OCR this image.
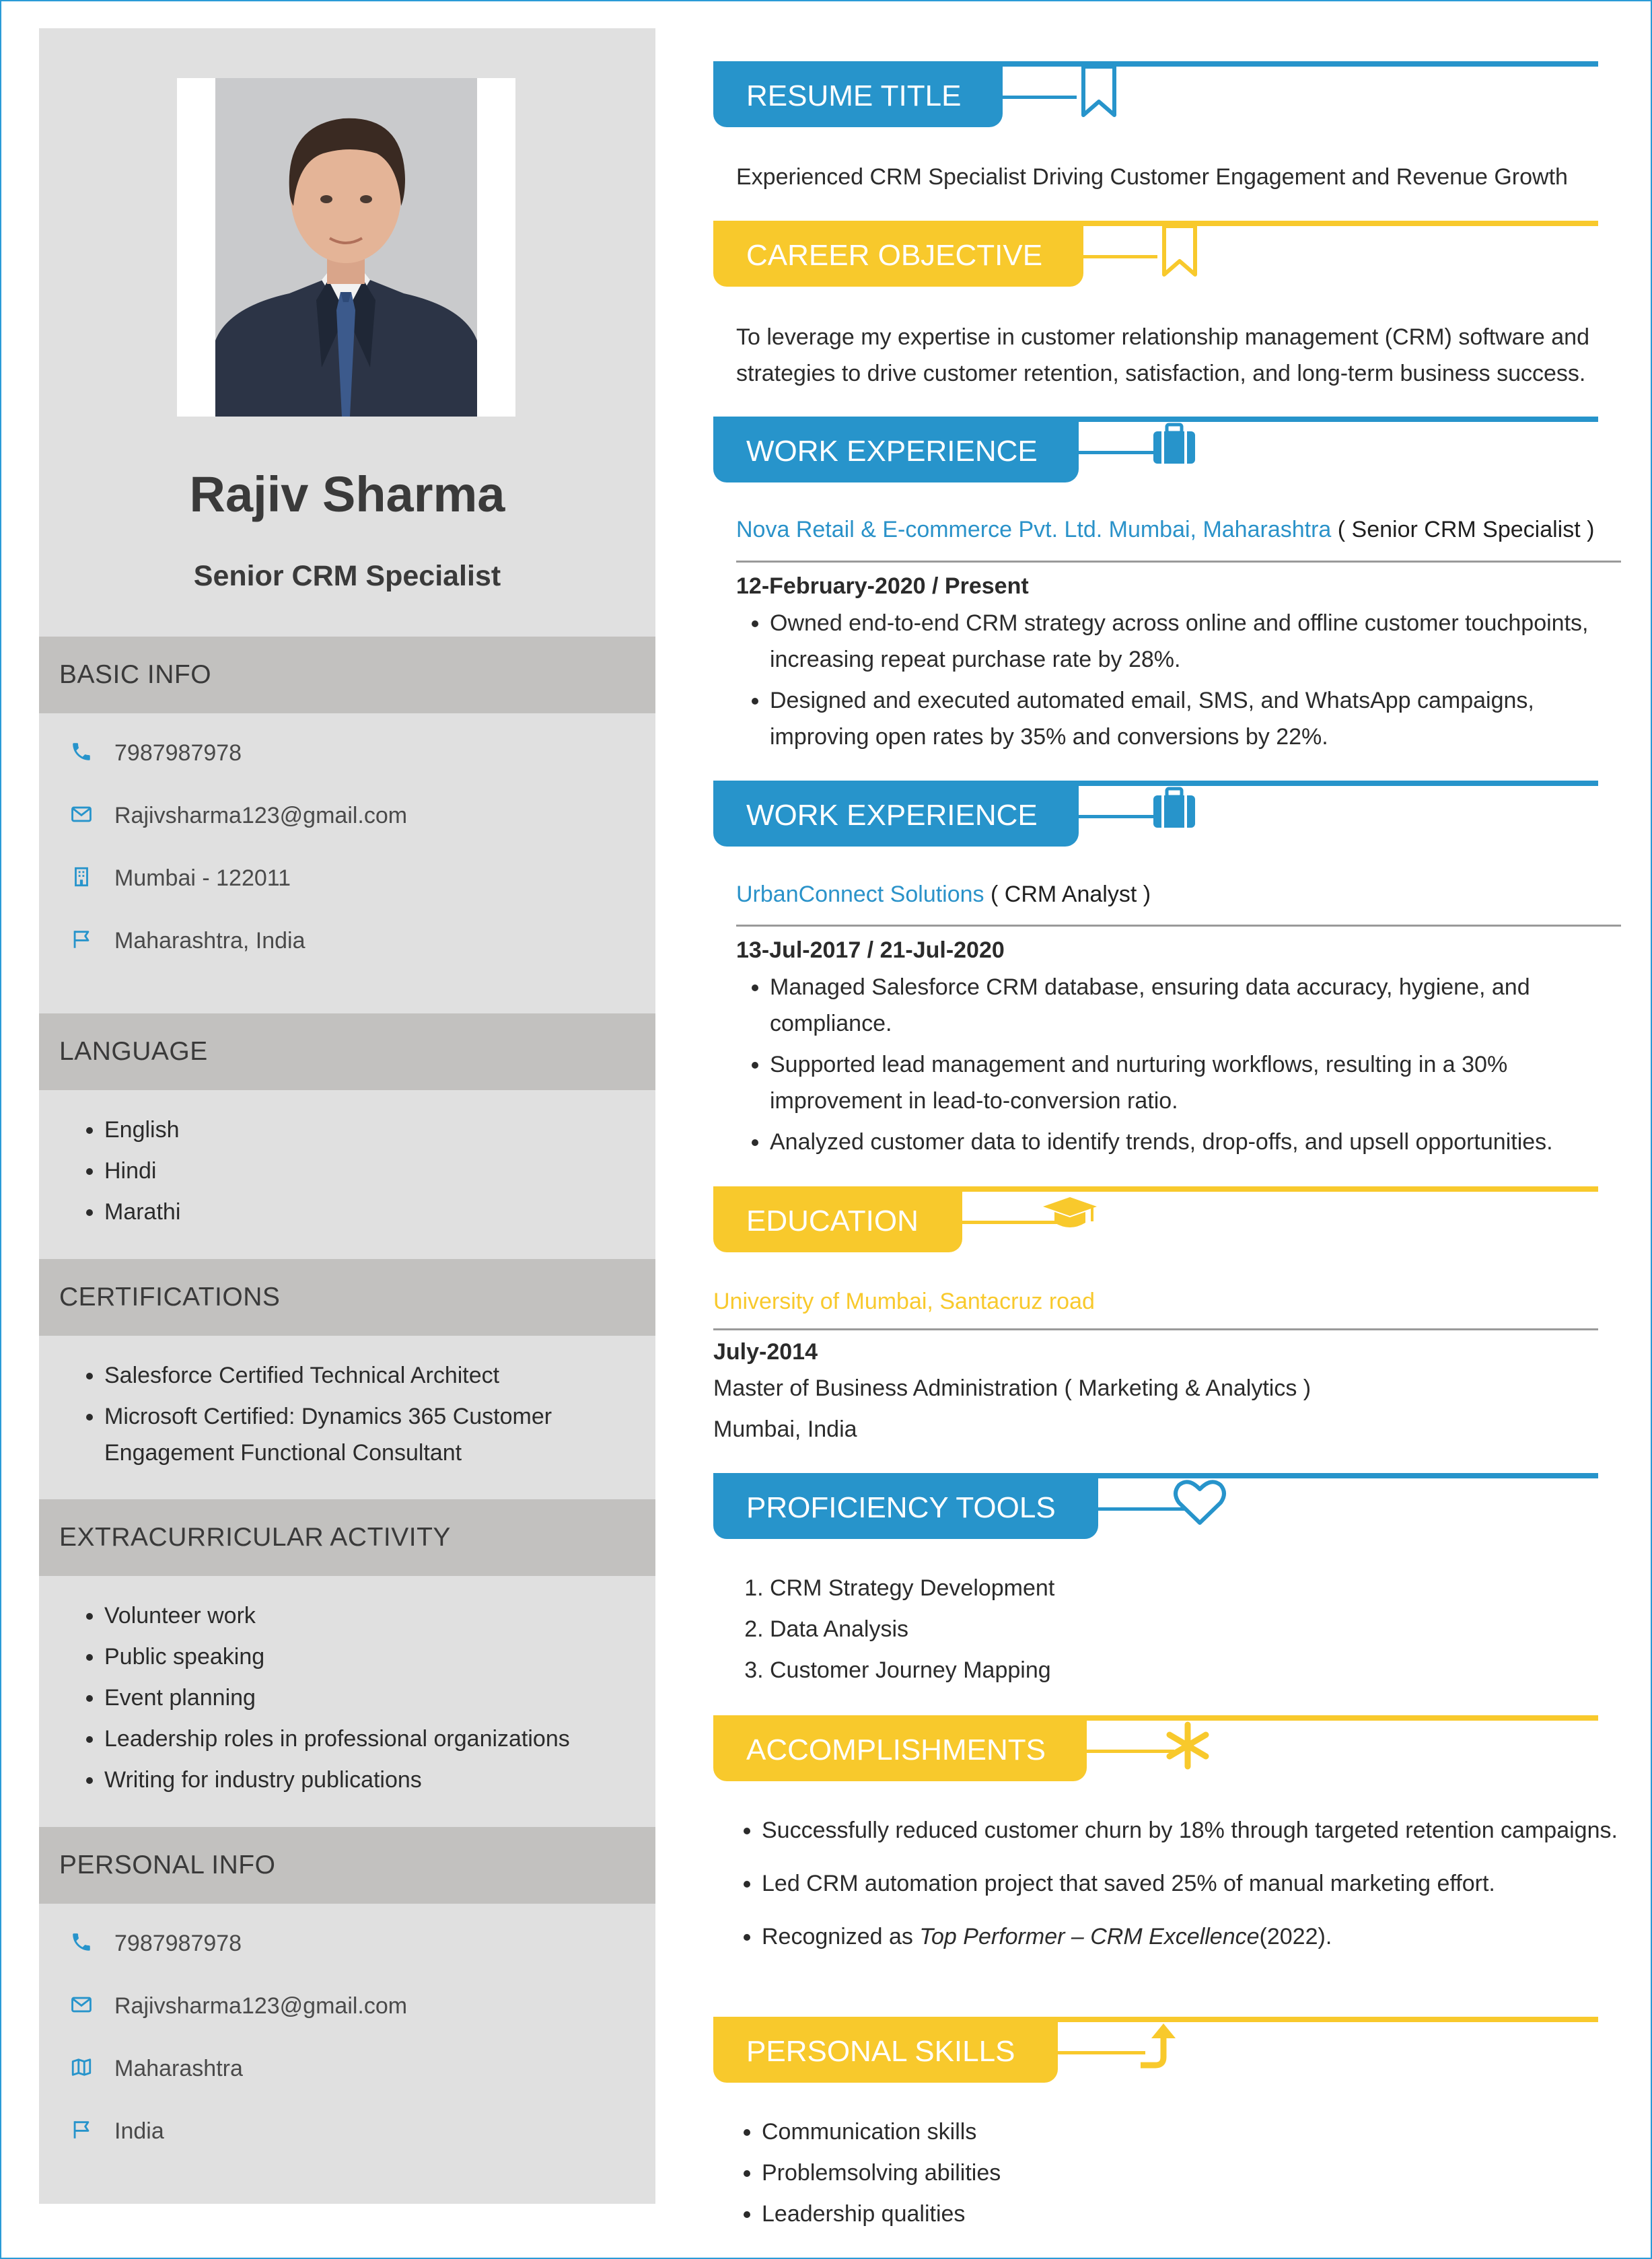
Rajiv Sharma
Senior CRM Specialist
BASIC INFO
7987987978
Rajivsharma123@gmail.com
Mumbai - 122011
Maharashtra, India
LANGUAGE
• English
• Hindi
• Marathi
CERTIFICATIONS
• Salesforce Certified Technical Architect
• Microsoft Certified: Dynamics 365 Customer Engagement Functional Consultant
EXTRACURRICULAR ACTIVITY
• Volunteer work
• Public speaking
• Event planning
• Leadership roles in professional organizations
• Writing for industry publications
PERSONAL INFO
7987987978
Rajivsharma123@gmail.com
Maharashtra
India
RESUME TITLE
Experienced CRM Specialist Driving Customer Engagement and Revenue Growth
CAREER OBJECTIVE
To leverage my expertise in customer relationship management (CRM) software and strategies to drive customer retention, satisfaction, and long-term business success.
WORK EXPERIENCE
Nova Retail & E-commerce Pvt. Ltd. Mumbai, Maharashtra ( Senior CRM Specialist )
12-February-2020 / Present
• Owned end-to-end CRM strategy across online and offline customer touchpoints, increasing repeat purchase rate by 28%.
• Designed and executed automated email, SMS, and WhatsApp campaigns, improving open rates by 35% and conversions by 22%.
WORK EXPERIENCE
UrbanConnect Solutions ( CRM Analyst )
13-Jul-2017 / 21-Jul-2020
• Managed Salesforce CRM database, ensuring data accuracy, hygiene, and compliance.
• Supported lead management and nurturing workflows, resulting in a 30% improvement in lead-to-conversion ratio.
• Analyzed customer data to identify trends, drop-offs, and upsell opportunities.
EDUCATION
University of Mumbai, Santacruz road
July-2014
Master of Business Administration ( Marketing & Analytics )
Mumbai, India
PROFICIENCY TOOLS
1. CRM Strategy Development
2. Data Analysis
3. Customer Journey Mapping
ACCOMPLISHMENTS
• Successfully reduced customer churn by 18% through targeted retention campaigns.
• Led CRM automation project that saved 25% of manual marketing effort.
• Recognized as Top Performer – CRM Excellence(2022).
PERSONAL SKILLS
• Communication skills
• Problemsolving abilities
• Leadership qualities
